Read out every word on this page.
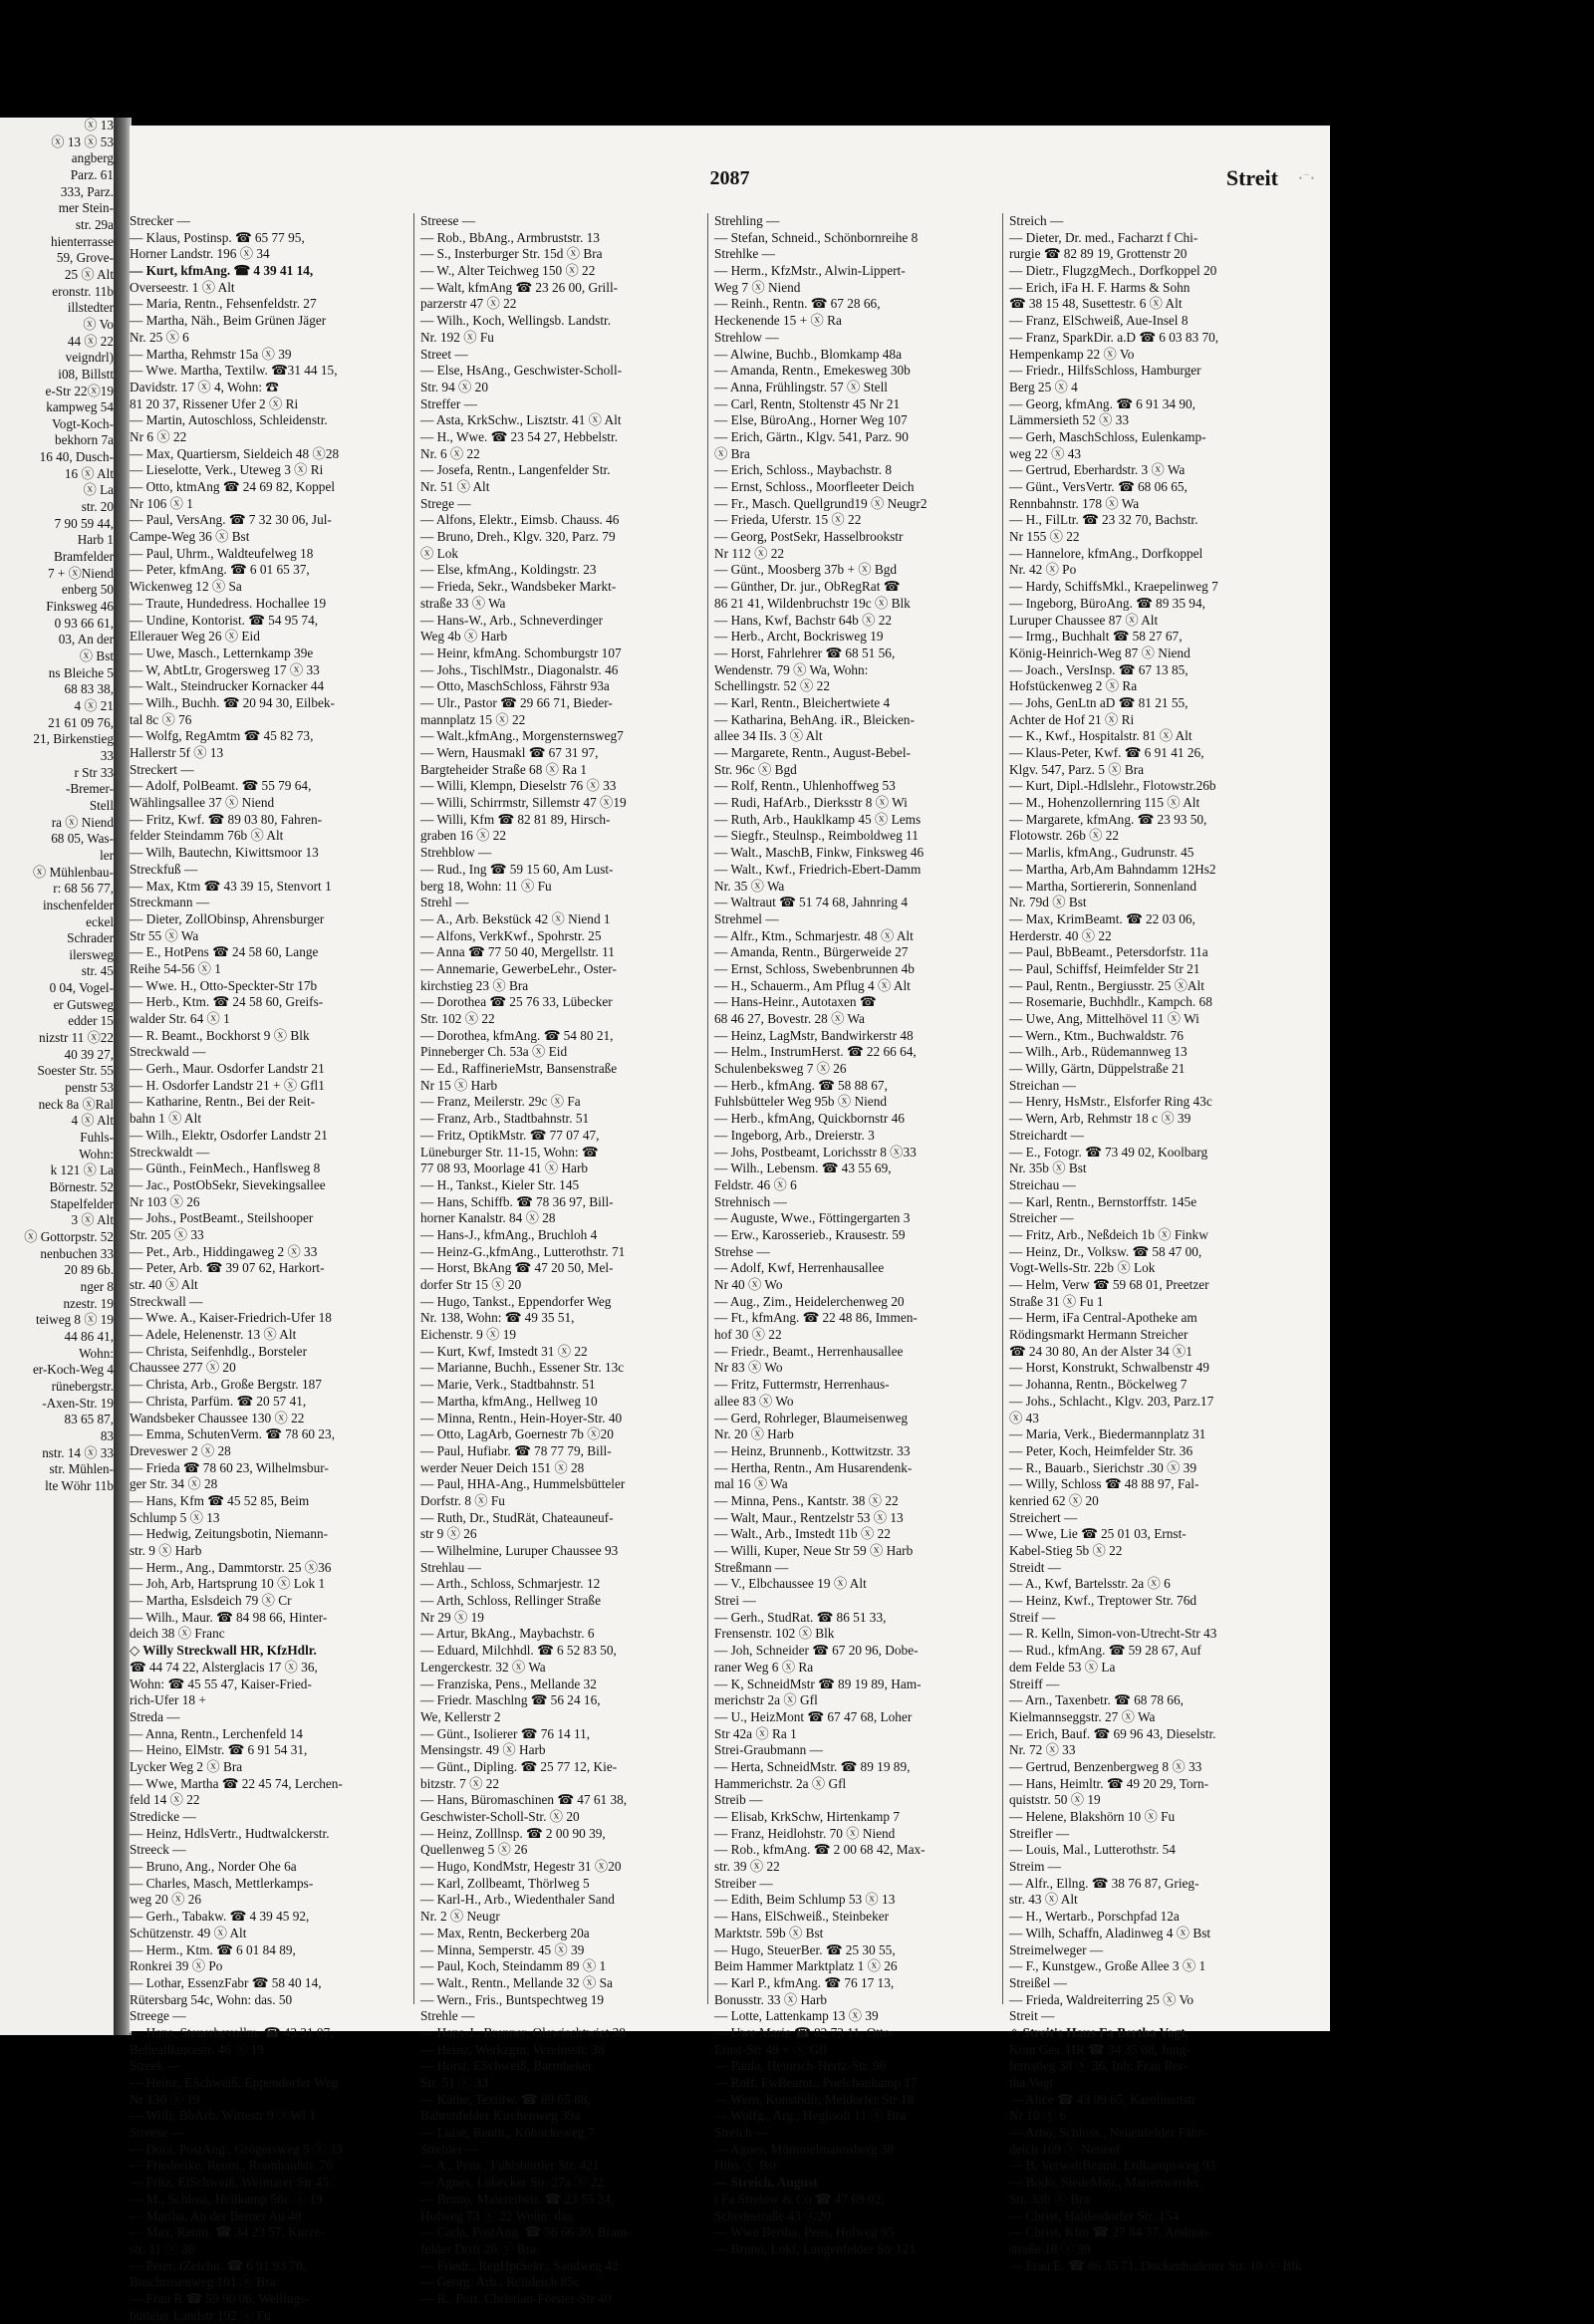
ⓧ 13
ⓧ 13 ⓧ 53
angberg
Parz. 61
333, Parz.
mer Stein-
str. 29a
hienterrasse
59, Grove-
25 ⓧ Alt
eronstr. 11b
illstedter
ⓧ Vo
44 ⓧ 22
veigndrl)
i08, Billstt
e-Str 22ⓧ19
kampweg 54
Vogt-Koch-
bekhorn 7a
16 40, Dusch-
16 ⓧ Alt
ⓧ La
str. 20
7 90 59 44,
Harb 1
Bramfelder
7 + ⓧNiend
enberg 50
Finksweg 46
0 93 66 61,
03, An der
ⓧ Bst
ns Bleiche 5
68 83 38,
4 ⓧ 21
21 61 09 76,
21, Birkenstieg
33
r Str 33
-Bremer-
Stell
ra ⓧ Niend
68 05, Was-
ler
ⓧ Mühlenbau-
r: 68 56 77,
inschenfelder
eckel
Schrader
ilersweg
str. 45
0 04, Vogel-
er Gutsweg
edder 15
nizstr 11 ⓧ22
40 39 27,
Soester Str. 55
penstr 53
neck 8a ⓧRal
4 ⓧ Alt
Fuhls-
Wohn:
k 121 ⓧ La
Börnestr. 52
Stapelfelder
3 ⓧ Alt
ⓧ Gottorpstr. 52
nenbuchen 33
20 89 6b.
nger 8
nzestr. 19
teiweg 8 ⓧ 19
44 86 41,
Wohn:
er-Koch-Weg 4
rünebergstr.
-Axen-Str. 19
83 65 87,
83
nstr. 14 ⓧ 33
str. Mühlen-
lte Wöhr 11b
2087	Streit • ¯ •
Strecker —
— Klaus, Postinsp. ☎ 65 77 95,
Horner Landstr. 196 ⓧ 34
— Kurt, kfmAng. ☎ 4 39 41 14,
Overseestr. 1 ⓧ Alt
— Maria, Rentn., Fehsenfeldstr. 27
— Martha, Näh., Beim Grünen Jäger
Nr. 25 ⓧ 6
— Martha, Rehmstr 15a ⓧ 39
— Wwe. Martha, Textilw. ☎31 44 15,
Davidstr. 17 ⓧ 4, Wohn: ☎
81 20 37, Rissener Ufer 2 ⓧ Ri
— Martin, Autoschloss, Schleidenstr.
Nr 6 ⓧ 22
— Max, Quartiersm, Sieldeich 48 ⓧ28
— Lieselotte, Verk., Uteweg 3 ⓧ Ri
— Otto, ktmAng ☎ 24 69 82, Koppel
Nr 106 ⓧ 1
— Paul, VersAng. ☎ 7 32 30 06, Jul-
Campe-Weg 36 ⓧ Bst
— Paul, Uhrm., Waldteufelweg 18
— Peter, kfmAng. ☎ 6 01 65 37,
Wickenweg 12 ⓧ Sa
— Traute, Hundedress. Hochallee 19
— Undine, Kontorist. ☎ 54 95 74,
Elleraue​r Weg 26 ⓧ Eid
— Uwe, Masch., Letternkamp 39e
— W, AbtLtr, Grogersweg 17 ⓧ 33
— Walt., Steindrucker Kornacker 44
— Wilh., Buchh. ☎ 20 94 30, Eilbek-
tal 8c ⓧ 76
— Wolfg, RegAmtm ☎ 45 82 73,
Hallerstr 5f ⓧ 13
Streckert —
— Adolf, PolBeamt. ☎ 55 79 64,
Wählingsallee 37 ⓧ Niend
— Fritz, Kwf. ☎ 89 03 80, Fahren-
felder Steindamm 76b ⓧ Alt
— Wilh, Bautechn, Kiwittsmoor 13
Streckfuß —
— Max, Ktm ☎ 43 39 15, Stenvort 1
Streckmann —
— Dieter, ZollObinsp, Ahrensburger
Str 55 ⓧ Wa
— E., HotPens ☎ 24 58 60, Lange
Reihe 54-56 ⓧ 1
— Wwe. H., Otto-Speckter-Str 17b
— Herb., Ktm. ☎ 24 58 60, Greifs-
walder Str. 64 ⓧ 1
— R. Beamt., Bockhorst 9 ⓧ Blk
Streckwald —
— Gerh., Maur. Osdorfer Landstr 21
— H. Osdorfer Landstr 21 + ⓧ Gfl1
— Katharine, Rentn., Bei der Reit-
bahn 1 ⓧ Alt
— Wilh., Elektr, Osdorfer Landstr 21
Streckwaldt —
— Günth., FeinMech., Hanflsweg 8
— Jac., PostObSekr, Sievekingsallee
Nr 103 ⓧ 26
— Johs., PostBeamt., Steilshooper
Str. 205 ⓧ 33
— Pet., Arb., Hiddingaweg 2 ⓧ 33
— Peter, Arb. ☎ 39 07 62, Harkort-
str. 40 ⓧ Alt
Streckwall —
— Wwe. A., Kaiser-Friedrich-Ufer 18
— Adele, Helenenstr. 13 ⓧ Alt
— Christa, Seifenhdlg., Borsteler
Chaussee 277 ⓧ 20
— Christa, Arb., Große Bergstr. 187
— Christa, Parfüm. ☎ 20 57 41,
Wandsbeker Chaussee 130 ⓧ 22
— Emma, SchutenVerm. ☎ 78 60 23,
Dreveswег 2 ⓧ 28
— Frieda ☎ 78 60 23, Wilhelmsbur-
ger Str. 34 ⓧ 28
— Hans, Kfm ☎ 45 52 85, Beim
Schlump 5 ⓧ 13
— Hedwig, Zeitungsbotin, Niemann-
str. 9 ⓧ Harb
— Herm., Ang., Dammtorstr. 25 ⓧ36
— Joh, Arb, Hartsprung 10 ⓧ Lok 1
— Martha, Eslsdeich 79 ⓧ Cr
— Wilh., Maur. ☎ 84 98 66, Hinter-
deich 38 ⓧ Franc
◇ Willy Streckwall HR, KfzHdlr.
☎ 44 74 22, Alsterglacis 17 ⓧ 36,
Wohn: ☎ 45 55 47, Kaiser-Fried-
rich-Ufer 18 +
Streda —
— Anna, Rentn., Lerchenfeld 14
— Heino, ElMstr. ☎ 6 91 54 31,
Lycker Weg 2 ⓧ Bra
— Wwe, Martha ☎ 22 45 74, Lerchen-
feld 14 ⓧ 22
Stredicke —
— Heinz, HdlsVertr., Hudtwalckerstr.
Streeck —
— Bruno, Ang., Norder Ohe 6a
— Charles, Masch, Mettlerkamps-
weg 20 ⓧ 26
— Gerh., Tabakw. ☎ 4 39 45 92,
Schützenstr. 49 ⓧ Alt
— Herm., Ktm. ☎ 6 01 84 89,
Ronkrei 39 ⓧ Po
— Lothar, EssenzFabr ☎ 58 40 14,
Rütersbarg 54c, Wohn: das. 50
Streege —
— Hans, Steuerbevollm. ☎ 43 31 07,
Belleallianсestr. 46 ⓧ 19
Streek —
— Heinz, ESchweiß, Eppendorfer Weg
Nr 130 ⓧ 19
— Willi, BbArb. Wittestr 9 ⓧWi 1
Streese —
— Dora, PostAng., Grögersweg 5 ⓧ 33
— Friederike, Rentn., Ronnhaidstr. 76
— Fritz, ElSchweiß, Weimarer Str 45
— M., Schloss, Hellkamp 58c ⓧ 19
— Martha, An der Berner Au 48
— Max, Rentn. ☎ 34 23 57, Kurze-
str. 11 ⓧ 36
— Peter, tZeichn. ☎ 6 91 93 70,
Buschrosenweg 101 ⓧ Bra
— Frau R ☎ 59 90 06, Wellings-
bütteler Landstr 192 ⓧ Fu
Streese —
— Rob., BbAng., Armbruststr. 13
— S., Insterburger Str. 15d ⓧ Bra
— W., Alter Teichweg 150 ⓧ 22
— Walt, kfmAng ☎ 23 26 00, Grill-
parzerstr 47 ⓧ 22
— Wilh., Koch, Wellingsb. Landstr.
Nr. 192 ⓧ Fu
Street —
— Else, HsAng., Geschwister-Scholl-
Str. 94 ⓧ 20
Streffer —
— Asta, KrkSchw., Lisztstr. 41 ⓧ Alt
— H., Wwe. ☎ 23 54 27, Hebbelstr.
Nr. 6 ⓧ 22
— Josefa, Rentn., Langenfelder Str.
Nr. 51 ⓧ Alt
Strege —
— Alfons, Elektr., Eimsb. Chauss. 46
— Bruno, Dreh., Klgv. 320, Parz. 79
ⓧ Lok
— Else, kfmAng., Koldingstr. 23
— Frieda, Sekr., Wandsbeker Markt-
straße 33 ⓧ Wa
— Hans-W., Arb., Schneverdinger
Weg 4b ⓧ Harb
— Heinr, kfmAng. Schomburgstr 107
— Johs., TischlMstr., Diagonalstr. 46
— Otto, MaschSchloss, Fährstr 93a
— Ulr., Pastor ☎ 29 66 71, Bieder-
mannplatz 15 ⓧ 22
— Walt.,kfmAng., Morgensternsweg7
— Wern, Hausmakl ☎ 67 31 97,
Bargteheider Straße 68 ⓧ Ra 1
— Willi, Klempn, Dieselstr 76 ⓧ 33
— Willi, Schirrmstr, Sillemstr 47 ⓧ19
— Willi, Kfm ☎ 82 81 89, Hirsch-
graben 16 ⓧ 22
Strehblow —
— Rud., Ing ☎ 59 15 60, Am Lust-
berg 18, Wohn: 11 ⓧ Fu
Strehl —
— A., Arb. Bekstück 42 ⓧ Niend 1
— Alfons, VerkKwf., Spohrstr. 25
— Anna ☎ 77 50 40, Mergellstr. 11
— Annemarie, GewerbeLehr., Oster-
kirchstieg 23 ⓧ Bra
— Dorothea ☎ 25 76 33, Lübecker
Str. 102 ⓧ 22
— Dorothea, kfmAng. ☎ 54 80 21,
Pinneberger Ch. 53a ⓧ Eid
— Ed., RaffinerieMstr, Bansenstraße
Nr 15 ⓧ Harb
— Franz, Meilerstr. 29c ⓧ Fa
— Franz, Arb., Stadtbahnstr. 51
— Fritz, OptikMstr. ☎ 77 07 47,
Lüneburger Str. 11-15, Wohn: ☎
77 08 93, Moorlage 41 ⓧ Harb
— H., Tankst., Kieler Str. 145
— Hans, Schiffb. ☎ 78 36 97, Bill-
horner Kanalstr. 84 ⓧ 28
— Hans-J., kfmAng., Bruchloh 4
— Heinz-G.,kfmAng., Lutterothstr. 71
— Horst, BkAng ☎ 47 20 50, Mel-
dorfer Str 15 ⓧ 20
— Hugo, Tankst., Eppendorfer Weg
Nr. 138, Wohn: ☎ 49 35 51,
Eichenstr. 9 ⓧ 19
— Kurt, Kwf, Imstedt 31 ⓧ 22
— Marianne, Buchh., Essener Str. 13c
— Marie, Verk., Stadtbahnstr. 51
— Martha, kfmAng., Hellweg 10
— Minna, Rentn., Hein-Hoyer-Str. 40
— Otto, LagArb, Goernestr 7b ⓧ20
— Paul, Hufiabr. ☎ 78 77 79, Bill-
werder Neuer Deich 151 ⓧ 28
— Paul, HHA-Ang., Hummelsbütteler
Dorfstr. 8 ⓧ Fu
— Ruth, Dr., StudRät, Chateauneuf-
str 9 ⓧ 26
— Wilhelmine, Luruper Chaussee 93
Strehlau —
— Arth., Schloss, Schmarjestr. 12
— Arth, Schloss, Rellinger Straße
Nr 29 ⓧ 19
— Artur, BkAng., Maybachstr. 6
— Eduard, Milchhdl. ☎ 6 52 83 50,
Lengerckestr. 32 ⓧ Wa
— Franziska, Pens., Mellande 32
— Friedr. Maschlng ☎ 56 24 16,
We, Kellerstr 2
— Günt., Isolierer ☎ 76 14 11,
Mensingstr. 49 ⓧ Harb
— Günt., Dipling. ☎ 25 77 12, Kie-
bitzstr. 7 ⓧ 22
— Hans, Büromaschinen ☎ 47 61 38,
Geschwister-Scholl-Str. ⓧ 20
— Heinz, Zolllnsp. ☎ 2 00 90 39,
Quellenweg 5 ⓧ 26
— Hugo, KondMstr, Hegestr 31 ⓧ20
— Karl, Zollbeamt, Thörlweg 5
— Karl-H., Arb., Wiedenthaler Sand
Nr. 2 ⓧ Neugr
— Max, Rentn, Beckerberg 20a
— Minna, Semperstr. 45 ⓧ 39
— Paul, Koch, Steindamm 89 ⓧ 1
— Walt., Rentn., Mellande 32 ⓧ Sa
— Wern., Fris., Buntspechtweg 19
Strehle —
— Hans-J., Brenner, Olewischtwiet 38
— Heinz, Werkzgm, Vereinsstr. 38
— Horst, ESchweiß, Barmbeker
Str. 51 ⓧ 33
— Käthe, Textilw. ☎ 89 65 88,
Bahrenfelder Kirchenweg 39a
— Luise, Rentn., Köhnckeweg 7
Strehler —
— A., Pens., Fuhlsbüttler Str. 421
— Agnes, Lübecker Str. 27a ⓧ 22
— Bruno, Malereibetr. ☎ 23 55 24,
Hofweg 73 ⓧ 22 Wohn: das.
— Carla, PostAng. ☎ 56 66 30, Bram-
felder Drift 26 ⓧ Bra
— Friedr., RegHptSekr., Sandweg 42
— Georg, Arb., Reitdeich 85c
— R., Port, Christian-Förster-Str 40
Strehling —
— Stefan, Schneid., Schönbornreihe 8
Strehlke —
— Herm., KfzMstr., Alwin-Lippert-
Weg 7 ⓧ Niend
— Reinh., Rentn. ☎ 67 28 66,
Heckenende 15 + ⓧ Ra
Strehlow —
— Alwine, Buchb., Blomkamp 48a
— Amanda, Rentn., Emekesweg 30b
— Anna, Frühlingstr. 57 ⓧ Stell
— Carl, Rentn, Stoltenstr 45 Nr 21
— Else, BüroAng., Horner Weg 107
— Erich, Gärtn., Klgv. 541, Parz. 90
ⓧ Bra
— Erich, Schloss., Maybachstr. 8
— Ernst, Schloss., Moorfleeter Deich
— Fr., Masch. Quellgrund19 ⓧ Neugr2
— Frieda, Uferstr. 15 ⓧ 22
— Georg, PostSekr, Hasselbrookstr
Nr 112 ⓧ 22
— Günt., Moosberg 37b + ⓧ Bgd
— Günther, Dr. jur., ObRegRat ☎
86 21 41, Wildenbruchstr 19c ⓧ Blk
— Hans, Kwf, Bachstr 64b ⓧ 22
— Herb., Archt, Bockrisweg 19
— Horst, Fahrlehrer ☎ 68 51 56,
Wendenstr. 79 ⓧ Wa, Wohn:
Schellingstr. 52 ⓧ 22
— Karl, Rentn., Bleichertwiete 4
— Katharina, BehAng. iR., Bleicken-
allee 34 IIs. 3 ⓧ Alt
— Margarete, Rentn., August-Bebel-
Str. 96c ⓧ Bgd
— Rolf, Rentn., Uhlenhoffweg 53
— Rudi, HafArb., Dierksstr 8 ⓧ Wi
— Ruth, Arb., Hauklkamp 45 ⓧ Lems
— Siegfr., Steulnsp., Reimboldweg 11
— Walt., MaschB, Finkw, Finksweg 46
— Walt., Kwf., Friedrich-Ebert-Damm
Nr. 35 ⓧ Wa
— Waltraut ☎ 51 74 68, Jahnring 4
Strehmel —
— Alfr., Ktm., Schmarjestr. 48 ⓧ Alt
— Amanda, Rentn., Bürgerweide 27
— Ernst, Schloss, Swebenbrunnen 4b
— H., Schauerm., Am Pflug 4 ⓧ Alt
— Hans-Heinr., Autotaxen ☎
68 46 27, Bovestr. 28 ⓧ Wa
— Heinz, LagMstr, Bandwirkerstr 48
— Helm., InstrumHerst. ☎ 22 66 64,
Schulenbeksweg 7 ⓧ 26
— Herb., kfmAng. ☎ 58 88 67,
Fuhlsbütteler Weg 95b ⓧ Niend
— Herb., kfmAng, Quickbornstr 46
— Ingeborg, Arb., Dreierstr. 3
— Johs, Postbeamt, Lorichsstr 8 ⓧ33
— Wilh., Lebensm. ☎ 43 55 69,
Feldstr. 46 ⓧ 6
Strehnisch —
— Auguste, Wwe., Föttingergarten 3
— Erw., Karosserieb., Krausestr. 59
Strehse —
— Adolf, Kwf, Herrenhausallee
Nr 40 ⓧ Wo
— Aug., Zim., Heidelerchenweg 20
— Ft., kfmAng. ☎ 22 48 86, Immen-
hof 30 ⓧ 22
— Friedr., Beamt., Herrenhausallee
Nr 83 ⓧ Wo
— Fritz, Futtermstr, Herrenhaus-
allee 83 ⓧ Wo
— Gerd, Rohrleger, Blaumeisenweg
Nr. 20 ⓧ Harb
— Heinz, Brunnenb., Kottwitzstr. 33
— Hertha, Rentn., Am Husarendenk-
mal 16 ⓧ Wa
— Minna, Pens., Kantstr. 38 ⓧ 22
— Walt, Maur., Rentzelstr 53 ⓧ 13
— Walt., Arb., Imstedt 11b ⓧ 22
— Willi, Kuper, Neue Str 59 ⓧ Harb
Streßmann —
— V., Elbchaussee 19 ⓧ Alt
Strei —
— Gerh., StudRat. ☎ 86 51 33,
Frensenstr. 102 ⓧ Blk
— Joh, Schneider ☎ 67 20 96, Dobe-
raner Weg 6 ⓧ Ra
— K, SchneidMstr ☎ 89 19 89, Ham-
merichstr 2a ⓧ Gfl
— U., HeizMont ☎ 67 47 68, Loher
Str 42a ⓧ Ra 1
Strei-Graubmann —
— Herta, SchneidMstr. ☎ 89 19 89,
Hammerichstr. 2a ⓧ Gfl
Streib —
— Elisab, KrkSchw, Hirtenkamp 7
— Franz, Heidlohstr. 70 ⓧ Niend
— Rob., kfmAng. ☎ 2 00 68 42, Max-
str. 39 ⓧ 22
Streiber —
— Edith, Beim Schlump 53 ⓧ 13
— Hans, ElSchweiß., Steinbeker
Marktstr. 59b ⓧ Bst
— Hugo, SteuerBer. ☎ 25 30 55,
Beim Hammer Marktplatz 1 ⓧ 26
— Karl P., kfmAng. ☎ 76 17 13,
Bonusstr. 33 ⓧ Harb
— Lotte, Lattenkamp 13 ⓧ 39
— Uwe Marie ☎ 82 73 11, Otto-
Ernst-Str 49 + ⓧ Gfl
— Paula, Heinrich-Hertz-Str. 90
— Rolf, FwBeamt., Poelchaukamp 17
— Wern, Kunsthdlr, Meldorfer Str 18
— Wolfg., Arg., Heghsolt 11 ⓧ Bra
Streich —
— Agnes, Mümmelmannsberg 38
Hths ⓧ Bst
— Streich, August
i Fa Strelow & Co ☎ 47 69 02,
Schedestraße 43 ⓧ20
— Wwe Bertha, Pens, Holweg 95
— Bruno, Lokf, Langenfelder Str 121
Streich —
— Dieter, Dr. med., Facharzt f Chi-
rurgie ☎ 82 89 19, Grottenstr 20
— Dietr., FlugzgMech., Dorfkoppel 20
— Erich, iFa H. F. Harms & Sohn
☎ 38 15 48, Susettestr. 6 ⓧ Alt
— Franz, ElSchweiß, Aue-Insel 8
— Franz, SparkDir. a.D ☎ 6 03 83 70,
Hempenkamp 22 ⓧ Vo
— Friedr., HilfsSchloss, Hamburger
Berg 25 ⓧ 4
— Georg, kfmAng. ☎ 6 91 34 90,
Lämmersieth 52 ⓧ 33
— Gerh, MaschSchloss, Eulenkamp-
weg 22 ⓧ 43
— Gertrud, Eberhardstr. 3 ⓧ Wa
— Günt., VersVertr. ☎ 68 06 65,
Rennbahnstr. 178 ⓧ Wa
— H., FilLtr. ☎ 23 32 70, Bachstr.
Nr 155 ⓧ 22
— Hannelore, kfmAng., Dorfkoppel
Nr. 42 ⓧ Po
— Hardy, SchiffsMkl., Kraepelinweg 7
— Ingeborg, BüroAng. ☎ 89 35 94,
Luruper Chaussee 87 ⓧ Alt
— Irmg., Buchhalt ☎ 58 27 67,
König-Heinrich-Weg 87 ⓧ Niend
— Joach., VersInsp. ☎ 67 13 85,
Hofstückenweg 2 ⓧ Ra
— Johs, GenLtn aD ☎ 81 21 55,
Achter de Hof 21 ⓧ Ri
— K., Kwf., Hospitalstr. 81 ⓧ Alt
— Klaus-Peter, Kwf. ☎ 6 91 41 26,
Klgv. 547, Parz. 5 ⓧ Bra
— Kurt, Dipl.-Hdlslehr., Flotowstr.26b
— M., Hohenzollernring 115 ⓧ Alt
— Margarete, kfmAng. ☎ 23 93 50,
Flotowstr. 26b ⓧ 22
— Marlis, kfmAng., Gudrunstr. 45
— Martha, Arb,Am Bahndamm 12Hs2
— Martha, Sortiererin, Sonnenland
Nr. 79d ⓧ Bst
— Max, KrimBeamt. ☎ 22 03 06,
Herderstr. 40 ⓧ 22
— Paul, BbBeamt., Petersdorfstr. 11a
— Paul, Schiffsf, Heimfelder Str 21
— Paul, Rentn., Bergiusstr. 25 ⓧAlt
— Rosemarie, Buchhdlr., Kampch. 68
— Uwe, Ang, Mittelhövel 11 ⓧ Wi
— Wern., Ktm., Buchwaldstr. 76
— Wilh., Arb., Rüdemannweg 13
— Willy, Gärtn, Düppelstraße 21
Streichan —
— Henry, HsMstr., Elsforfer Ring 43c
— Wern, Arb, Rehmstr 18 c ⓧ 39
Streichardt —
— E., Fotogr. ☎ 73 49 02, Koolbarg
Nr. 35b ⓧ Bst
Streichau —
— Karl, Rentn., Bernstorffstr. 145e
Streicher —
— Fritz, Arb., Neßdeich 1b ⓧ Finkw
— Heinz, Dr., Volksw. ☎ 58 47 00,
Vogt-Wells-Str. 22b ⓧ Lok
— Helm, Verw ☎ 59 68 01, Preetzer
Straße 31 ⓧ Fu 1
— Herm, iFa Central-Apotheke am
Rödingsmarkt Hermann Streicher
☎ 24 30 80, An der Alster 34 ⓧ1
— Horst, Konstrukt, Schwalbenstr 49
— Johanna, Rentn., Böckelweg 7
— Johs., Schlacht., Klgv. 203, Parz.17
ⓧ 43
— Maria, Verk., Biedermannplatz 31
— Peter, Koch, Heimfelder Str. 36
— R., Bauarb., Sierichstr .30 ⓧ 39
— Willy, Schloss ☎ 48 88 97, Fal-
kenried 62 ⓧ 20
Streichert —
— Wwe, Lie ☎ 25 01 03, Ernst-
Kabel-Stieg 5b ⓧ 22
Streidt —
— A., Kwf, Bartelsstr. 2a ⓧ 6
— Heinz, Kwf., Treptower Str. 76d
Streif —
— R. Kelln, Simon-von-Utrecht-Str 43
— Rud., kfmAng. ☎ 59 28 67, Auf
dem Felde 53 ⓧ La
Streiff —
— Arn., Taxenbetr. ☎ 68 78 66,
Kielmannseggstr. 27 ⓧ Wa
— Erich, Bauf. ☎ 69 96 43, Dieselstr.
Nr. 72 ⓧ 33
— Gertrud, Benzenbergweg 8 ⓧ 33
— Hans, Heimltr. ☎ 49 20 29, Torn-
quiststr. 50 ⓧ 19
— Helene, Blakshörn 10 ⓧ Fu
Streifler —
— Louis, Mal., Lutterothstr. 54
Streim —
— Alfr., Ellng. ☎ 38 76 87, Grieg-
str. 43 ⓧ Alt
— H., Wertarb., Porschpfad 12a
— Wilh, Schaffn, Aladinweg 4 ⓧ Bst
Streimelweger —
— F., Kunstgew., Große Allee 3 ⓧ 1
Streißel —
— Frieda, Waldreiterring 25 ⓧ Vo
Streit —
◇ Streit's Haus Fa Bertha Vogt,
Kom Ges. HR ☎ 34 35 08, Jung-
fernstieg 38 ⓧ 36, Inh: Frau Ber-
tha Vogt
— Alice ☎ 43 09 65, Karolinenstr
Nr 10 ⓧ 6
— Arno, Schloss., Neuenfelder Fähr-
deich 169 ⓧ Neuenf
— B, VerwaltBeamt, Erdkampsweg 93
— Bodo, SiedeMstr., Marienwerder
Str. 33b ⓧ Bra
— Christ, Haldesdorfer Str. 154
— Christ, Kfm ☎ 27 84 37, Andreas-
straße 18 ⓧ 39
— Frau E. ☎ 86 35 71, Dockenhudener Str. 10 ⓧ Blk
